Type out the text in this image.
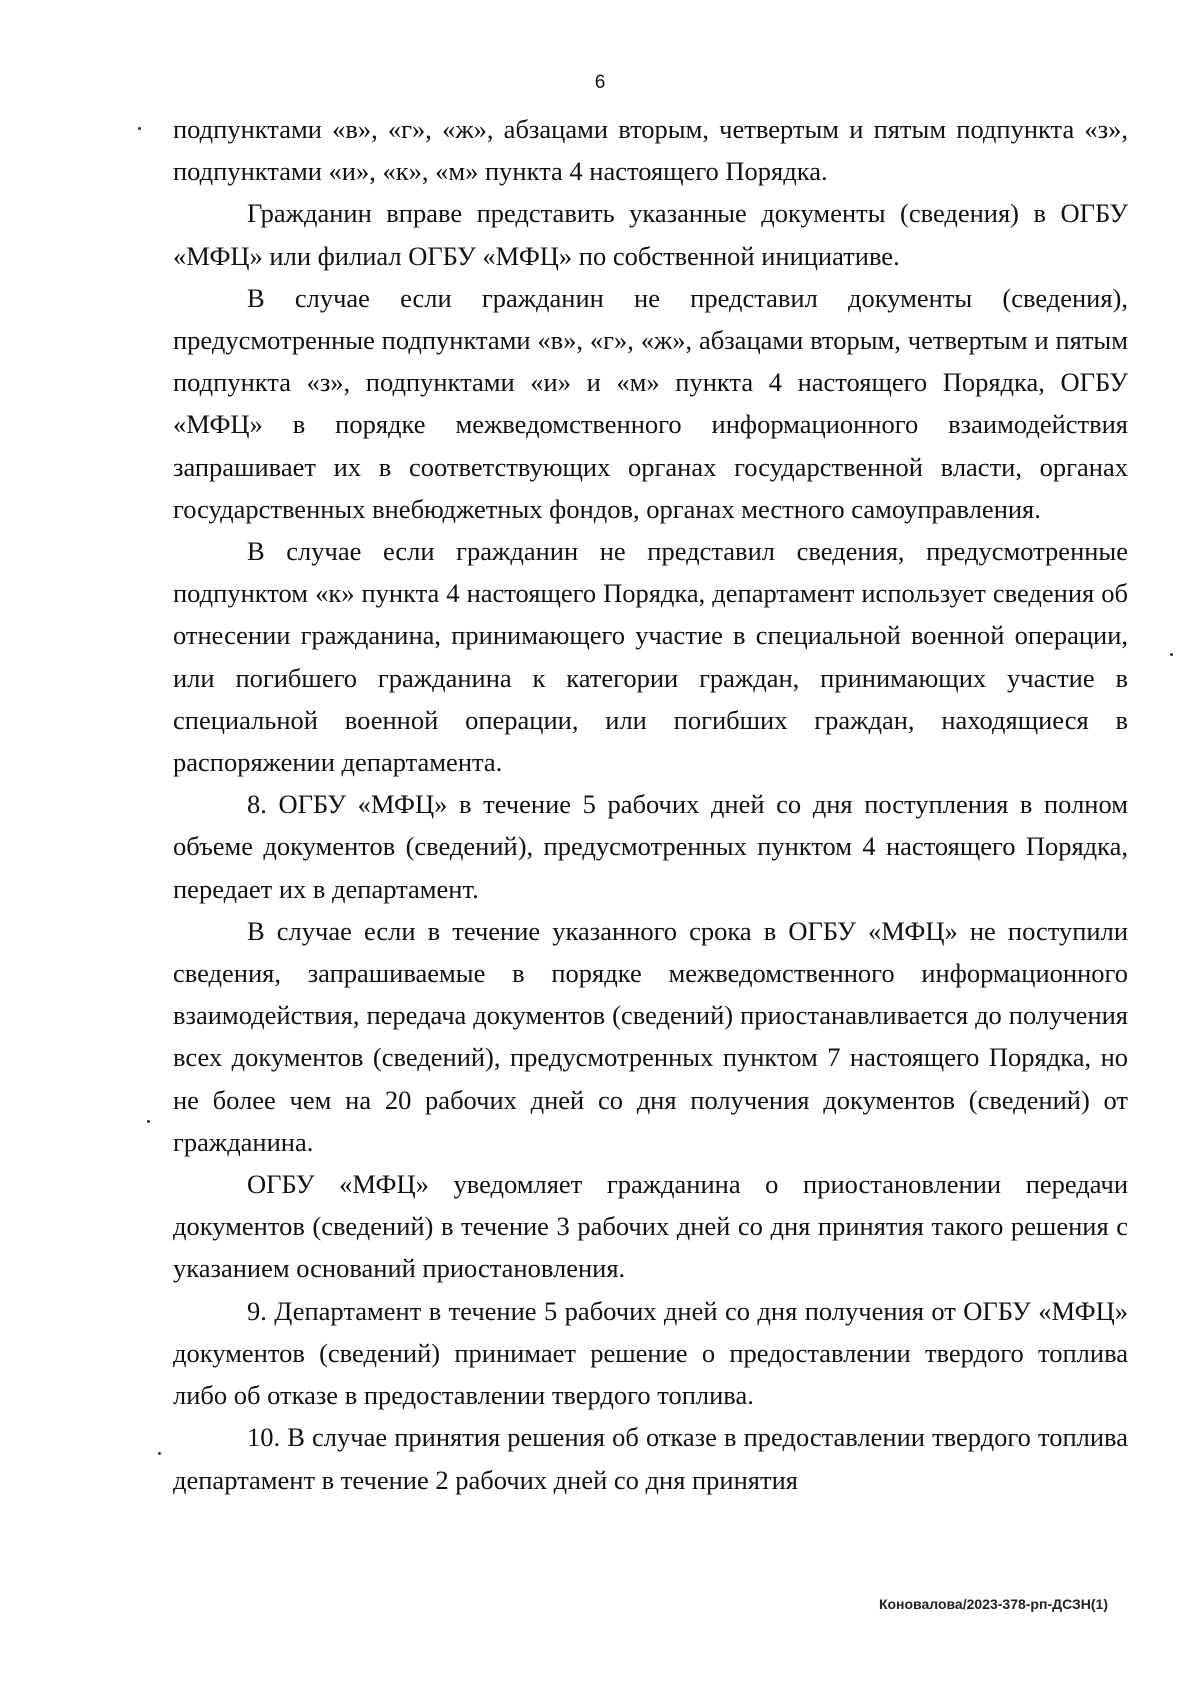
6

подпунктами «в», «г», «ж», абзацами вторым, четвертым и пятым подпункта «з», подпунктами «и», «к», «м» пункта 4 настоящего Порядка.

Гражданин вправе представить указанные документы (сведения) в ОГБУ «МФЦ» или филиал ОГБУ «МФЦ» по собственной инициативе.

В случае если гражданин не представил документы (сведения), предусмотренные подпунктами «в», «г», «ж», абзацами вторым, четвертым и пятым подпункта «з», подпунктами «и» и «м» пункта 4 настоящего Порядка, ОГБУ «МФЦ» в порядке межведомственного информационного взаимодействия запрашивает их в соответствующих органах государственной власти, органах государственных внебюджетных фондов, органах местного самоуправления.

В случае если гражданин не представил сведения, предусмотренные подпунктом «к» пункта 4 настоящего Порядка, департамент использует сведения об отнесении гражданина, принимающего участие в специальной военной операции, или погибшего гражданина к категории граждан, принимающих участие в специальной военной операции, или погибших граждан, находящиеся в распоряжении департамента.

8. ОГБУ «МФЦ» в течение 5 рабочих дней со дня поступления в полном объеме документов (сведений), предусмотренных пунктом 4 настоящего Порядка, передает их в департамент.

В случае если в течение указанного срока в ОГБУ «МФЦ» не поступили сведения, запрашиваемые в порядке межведомственного информационного взаимодействия, передача документов (сведений) приостанавливается до получения всех документов (сведений), предусмотренных пунктом 7 настоящего Порядка, но не более чем на 20 рабочих дней со дня получения документов (сведений) от гражданина.

ОГБУ «МФЦ» уведомляет гражданина о приостановлении передачи документов (сведений) в течение 3 рабочих дней со дня принятия такого решения с указанием оснований приостановления.

9. Департамент в течение 5 рабочих дней со дня получения от ОГБУ «МФЦ» документов (сведений) принимает решение о предоставлении твердого топлива либо об отказе в предоставлении твердого топлива.

10. В случае принятия решения об отказе в предоставлении твердого топлива департамент в течение 2 рабочих дней со дня принятия

Коновалова/2023-378-рп-ДСЗН(1)
